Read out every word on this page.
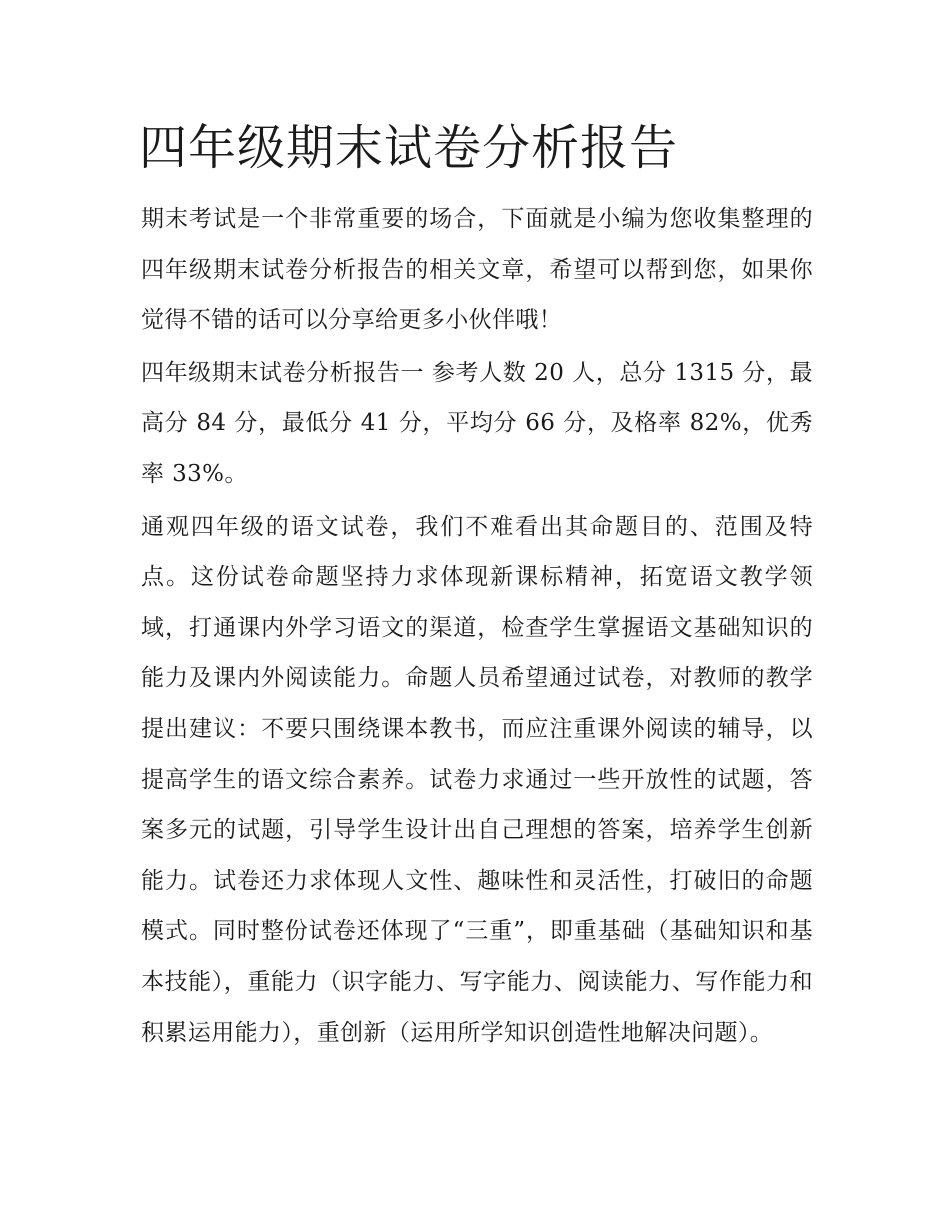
四年级期末试卷分析报告

期末考试是一个非常重要的场合，下面就是小编为您收集整理的四年级期末试卷分析报告的相关文章，希望可以帮到您，如果你觉得不错的话可以分享给更多小伙伴哦！

四年级期末试卷分析报告一 参考人数 20 人，总分 1315 分，最高分 84 分，最低分 41 分，平均分 66 分，及格率 82%，优秀率 33%。

通观四年级的语文试卷，我们不难看出其命题目的、范围及特点。这份试卷命题坚持力求体现新课标精神，拓宽语文教学领域，打通课内外学习语文的渠道，检查学生掌握语文基础知识的能力及课内外阅读能力。命题人员希望通过试卷，对教师的教学提出建议：不要只围绕课本教书，而应注重课外阅读的辅导，以提高学生的语文综合素养。试卷力求通过一些开放性的试题，答案多元的试题，引导学生设计出自己理想的答案，培养学生创新能力。试卷还力求体现人文性、趣味性和灵活性，打破旧的命题模式。同时整份试卷还体现了“三重”，即重基础（基础知识和基本技能），重能力（识字能力、写字能力、阅读能力、写作能力和积累运用能力），重创新（运用所学知识创造性地解决问题）。
